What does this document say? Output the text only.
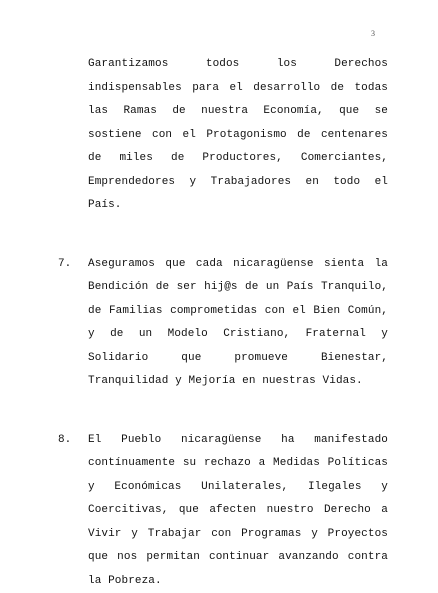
3

Garantizamos todos los Derechos indispensables para el desarrollo de todas las Ramas de nuestra Economía, que se sostiene con el Protagonismo de centenares de miles de Productores, Comerciantes, Emprendedores y Trabajadores en todo el País.

7. Aseguramos que cada nicaragüense sienta la Bendición de ser hij@s de un País Tranquilo, de Familias comprometidas con el Bien Común, y de un Modelo Cristiano, Fraternal y Solidario que promueve Bienestar, Tranquilidad y Mejoría en nuestras Vidas.

8. El Pueblo nicaragüense ha manifestado contínuamente su rechazo a Medidas Políticas y Económicas Unilaterales, Ilegales y Coercitivas, que afecten nuestro Derecho a Vivir y Trabajar con Programas y Proyectos que nos permitan continuar avanzando contra la Pobreza.
